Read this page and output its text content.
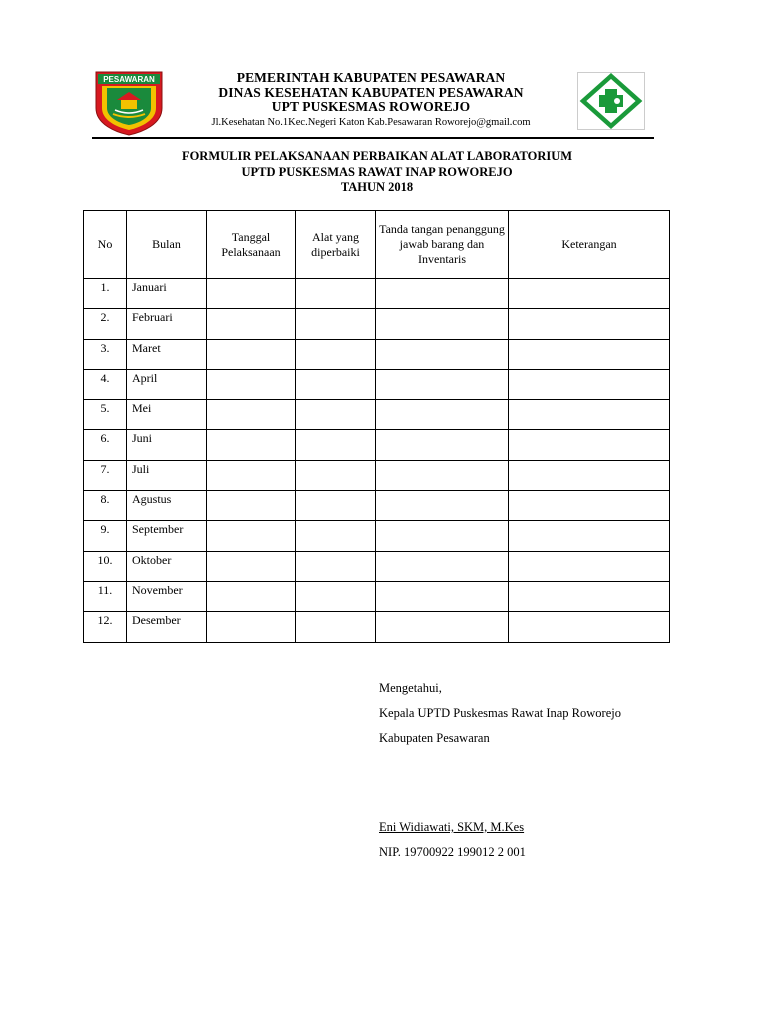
PESAWARAN	PEMERINTAH KABUPATEN PESAWARAN
DINAS KESEHATAN KABUPATEN PESAWARAN
UPT PUSKESMAS ROWOREJO
Jl.Kesehatan No.1Kec.Negeri Katon Kab.Pesawaran Roworejo@gmail.com
FORMULIR PELAKSANAAN PERBAIKAN ALAT LABORATORIUM
UPTD PUSKESMAS RAWAT INAP ROWOREJO
TAHUN 2018
No	Bulan	Tanggal Pelaksanaan	Alat yang diperbaiki	Tanda tangan penanggung jawab barang dan Inventaris	Keterangan
1.	Januari				
2.	Februari				
3.	Maret				
4.	April				
5.	Mei				
6.	Juni				
7.	Juli				
8.	Agustus				
9.	September				
10.	Oktober				
11.	November				
12.	Desember				
Mengetahui,
Kepala UPTD Puskesmas Rawat Inap Roworejo
Kabupaten Pesawaran
Eni Widiawati, SKM, M.Kes
NIP. 19700922 199012 2 001
